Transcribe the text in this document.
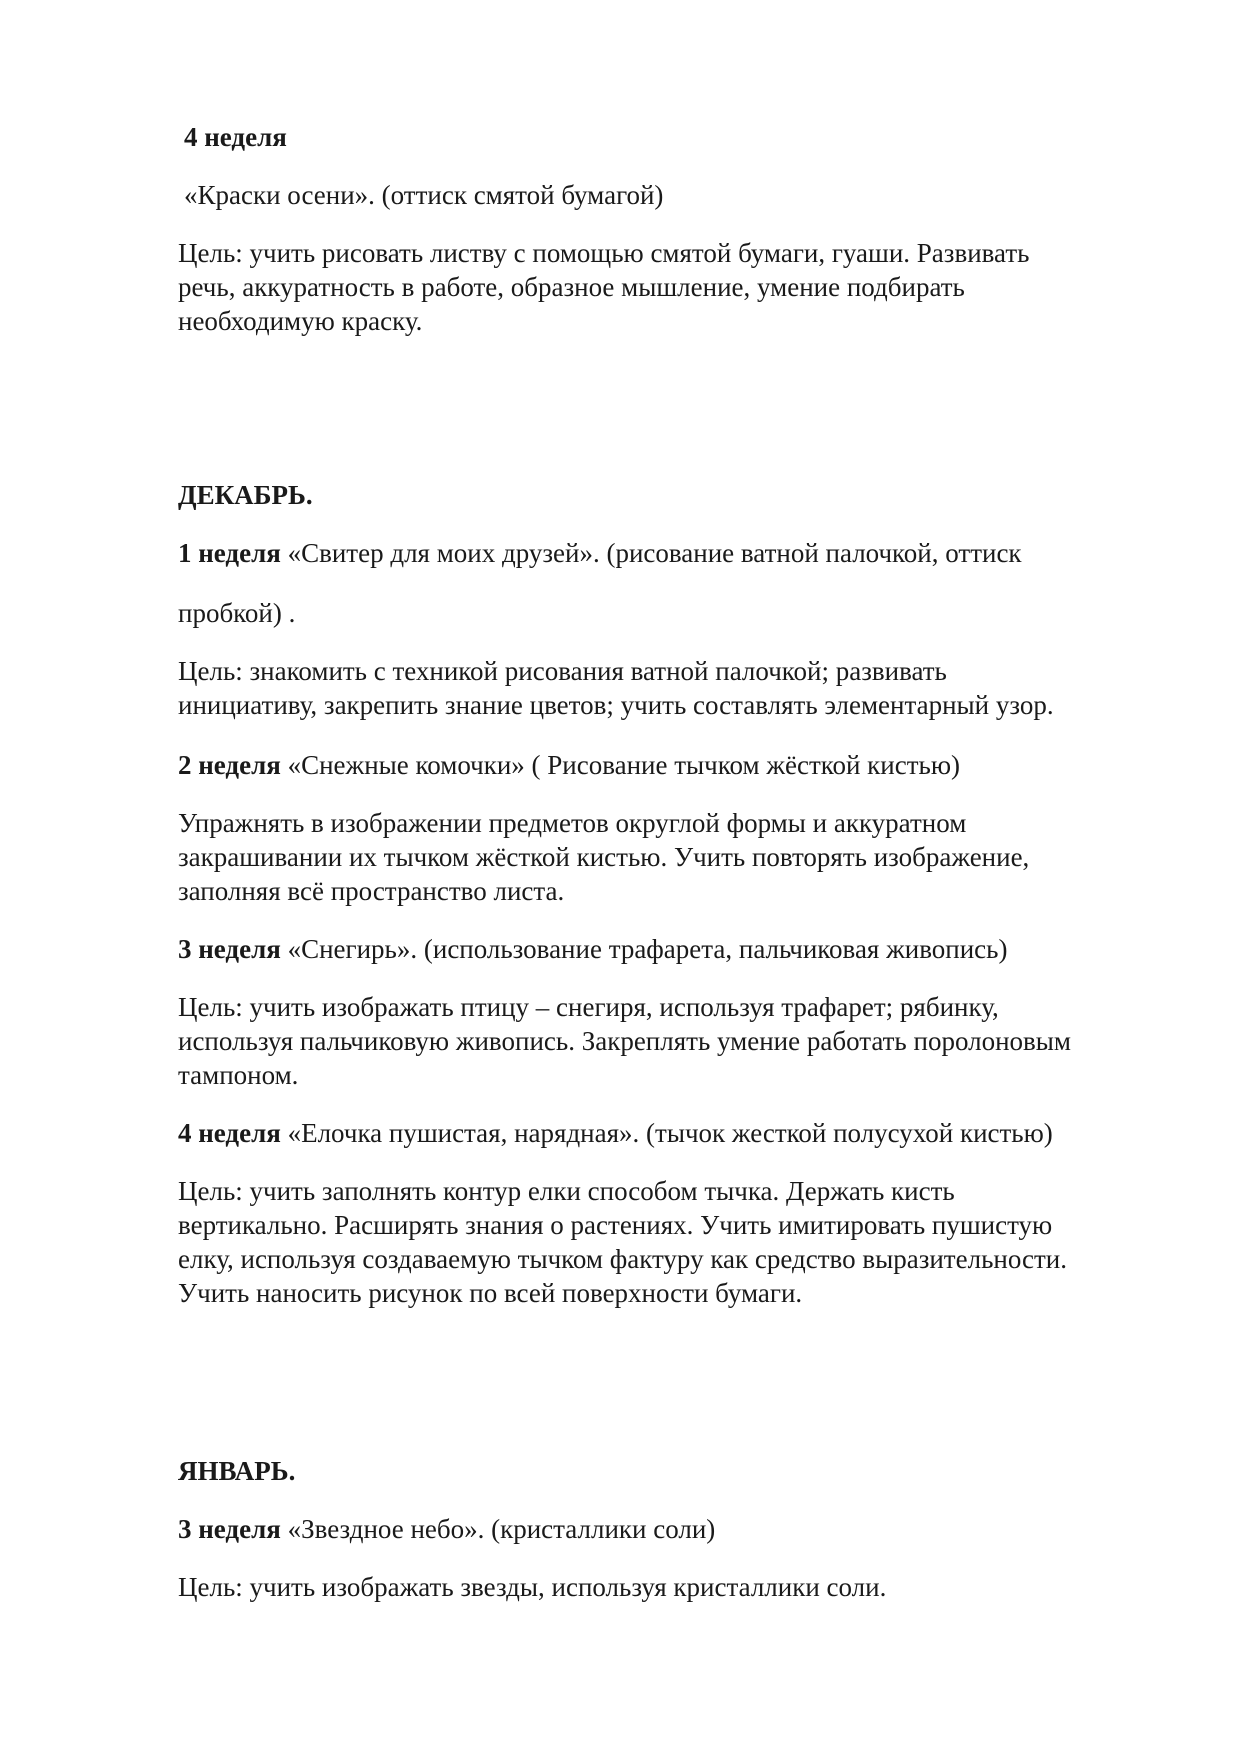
4 неделя

«Краски осени». (оттиск смятой бумагой)

Цель: учить рисовать листву с помощью смятой бумаги, гуаши. Развивать
речь, аккуратность в работе, образное мышление, умение подбирать
необходимую краску.

ДЕКАБРЬ.

1 неделя «Свитер для моих друзей». (рисование ватной палочкой, оттиск

пробкой) .

Цель: знакомить с техникой рисования ватной палочкой; развивать
инициативу, закрепить знание цветов; учить составлять элементарный узор.

2 неделя «Снежные комочки» ( Рисование тычком жёсткой кистью)

Упражнять в изображении предметов округлой формы и аккуратном
закрашивании их тычком жёсткой кистью. Учить повторять изображение,
заполняя всё пространство листа.

3 неделя «Снегирь». (использование трафарета, пальчиковая живопись)

Цель: учить изображать птицу – снегиря, используя трафарет; рябинку,
используя пальчиковую живопись. Закреплять умение работать поролоновым
тампоном.

4 неделя «Елочка пушистая, нарядная». (тычок жесткой полусухой кистью)

Цель: учить заполнять контур елки способом тычка. Держать кисть
вертикально. Расширять знания о растениях. Учить имитировать пушистую
елку, используя создаваемую тычком фактуру как средство выразительности.
Учить наносить рисунок по всей поверхности бумаги.

ЯНВАРЬ.

3 неделя «Звездное небо». (кристаллики соли)

Цель: учить изображать звезды, используя кристаллики соли.
